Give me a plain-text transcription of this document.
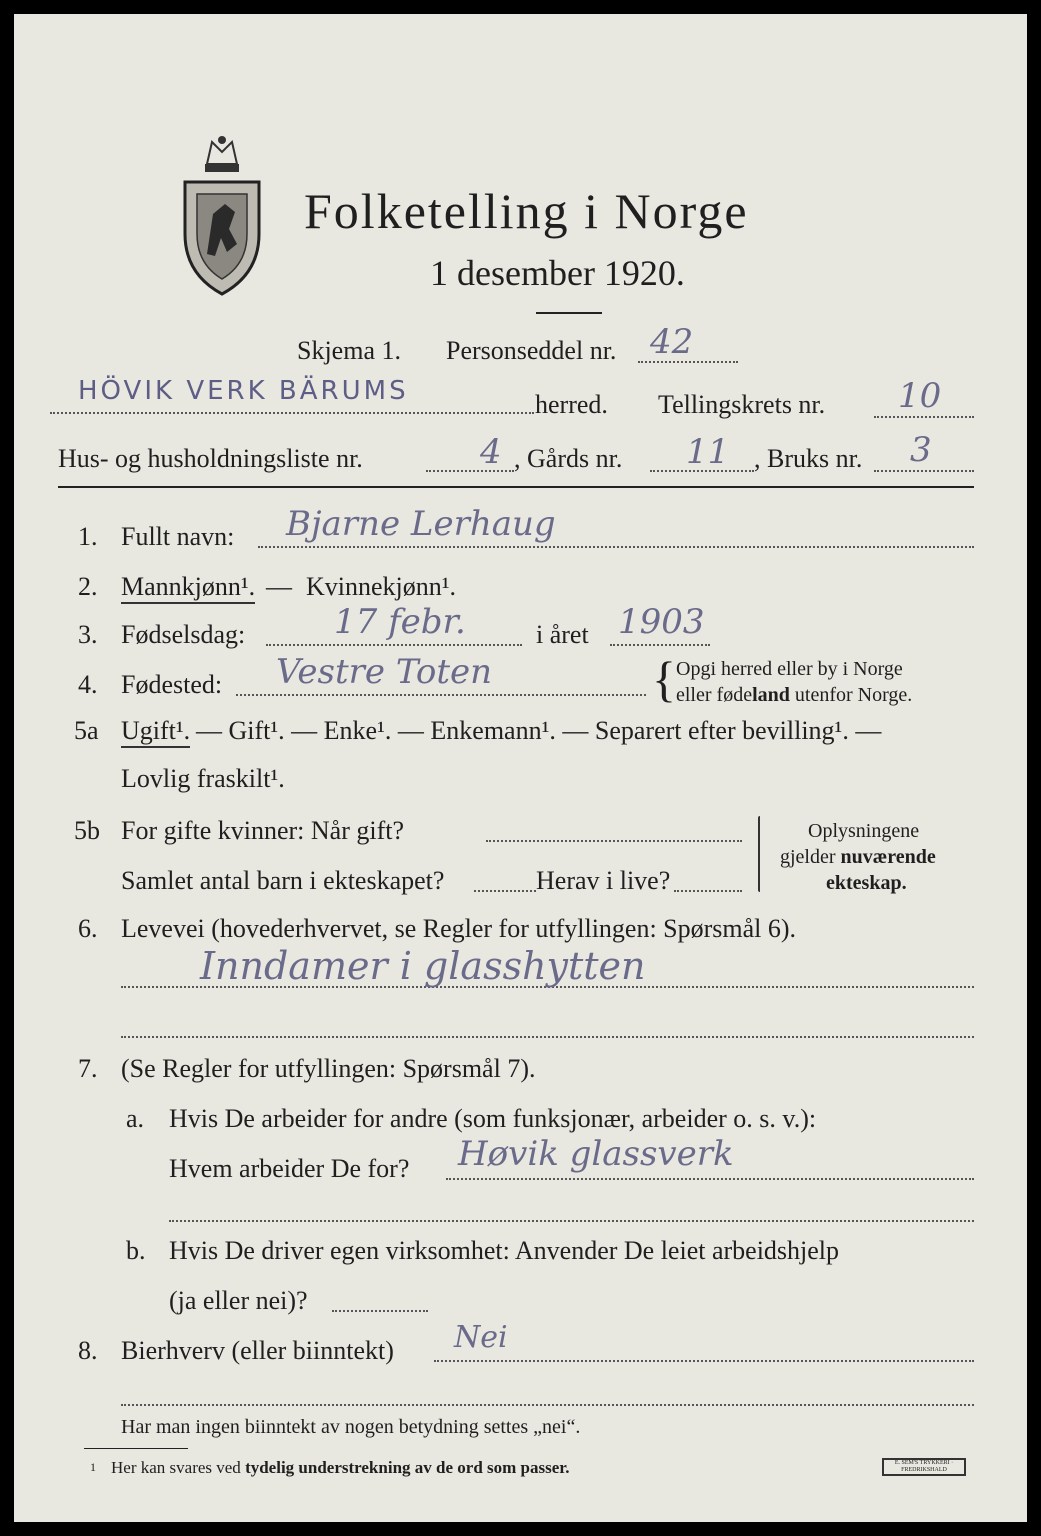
Folketelling i Norge
1 desember 1920.
Skjema 1. Personseddel nr. 42
HÖVIK VERK BÄRUMS	herred. Tellingskrets nr. 10
Hus- og husholdningsliste nr.	4 , Gårds nr. 11 , Bruks nr. 3
1. Fullt navn: Bjarne Lerhaug
2. Mannkjønn¹. — Kvinnekjønn¹.
3. Fødselsdag:	17 febr.	i året 1903
4. Fødested: Vestre Toten	{ Opgi herred eller by i Norge
eller fødeland utenfor Norge.
5a Ugift¹. — Gift¹. — Enke¹. — Enkemann¹. — Separert efter bevilling¹. —
Lovlig fraskilt¹.
5b For gifte kvinner: Når gift?
Samlet antal barn i ekteskapet?	Herav i live?
Oplysningene
gjelder nuværende
ekteskap.
6. Levevei (hovederhvervet, se Regler for utfyllingen: Spørsmål 6).
Inndamer i glasshytten
7. (Se Regler for utfyllingen: Spørsmål 7).
a. Hvis De arbeider for andre (som funksjonær, arbeider o. s. v.):
Hvem arbeider De for? Høvik glassverk
b. Hvis De driver egen virksomhet: Anvender De leiet arbeidshjelp
(ja eller nei)?
8. Bierhverv (eller biinntekt) Nei
Har man ingen biinntekt av nogen betydning settes „nei“.
1 Her kan svares ved tydelig understrekning av de ord som passer.	E. SEM'S TRYKKERI · FREDRIKSHALD
